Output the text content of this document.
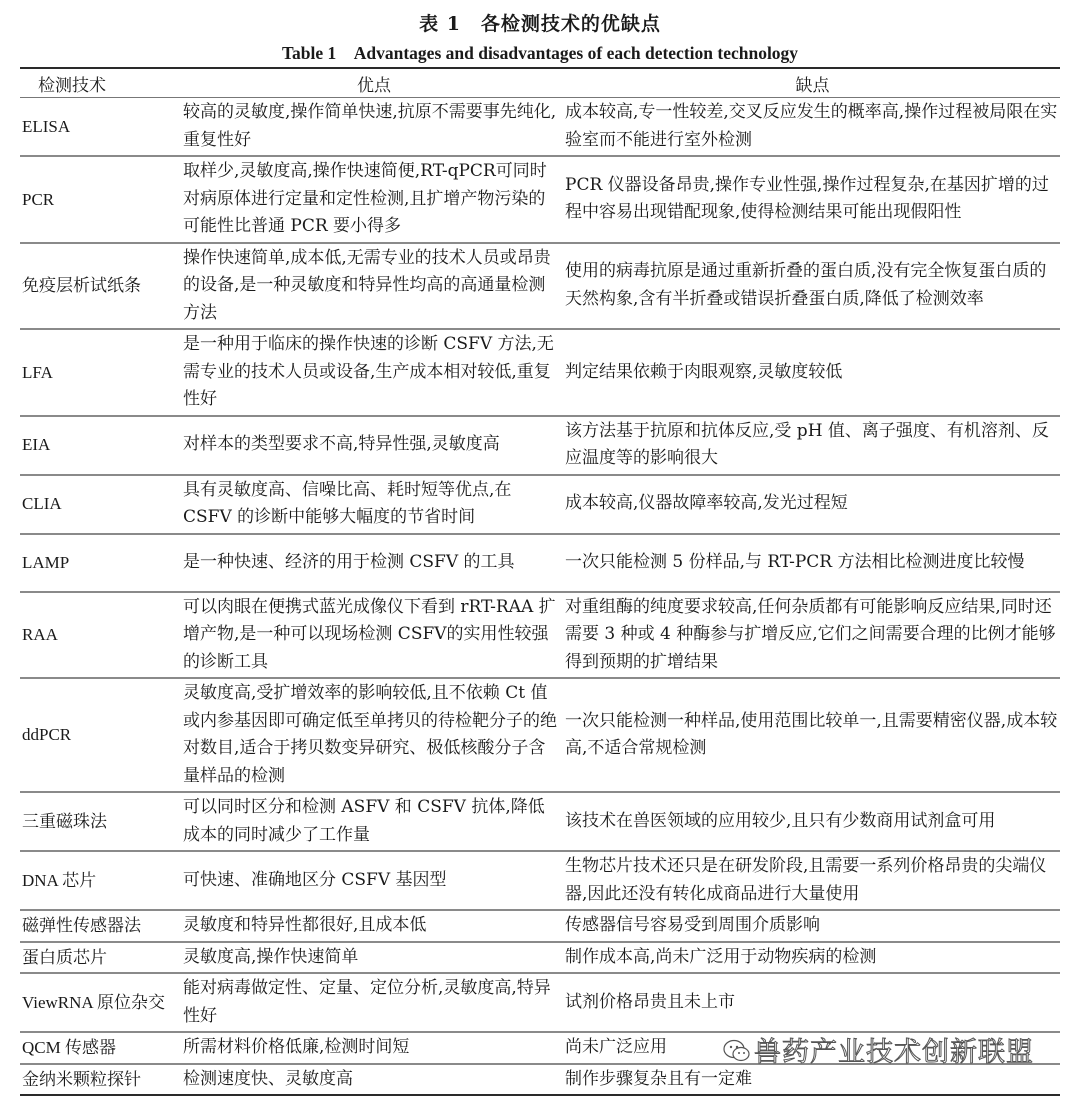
表 1　各检测技术的优缺点
Table 1　Advantages and disadvantages of each detection technology
检测技术	优点	缺点
ELISA	较高的灵敏度,操作简单快速,抗原不需要事先纯化,重复性好	成本较高,专一性较差,交叉反应发生的概率高,操作过程被局限在实验室而不能进行室外检测
PCR	取样少,灵敏度高,操作快速简便,RT-qPCR可同时对病原体进行定量和定性检测,且扩增产物污染的可能性比普通 PCR 要小得多	PCR 仪器设备昂贵,操作专业性强,操作过程复杂,在基因扩增的过程中容易出现错配现象,使得检测结果可能出现假阳性
免疫层析试纸条	操作快速简单,成本低,无需专业的技术人员或昂贵的设备,是一种灵敏度和特异性均高的高通量检测方法	使用的病毒抗原是通过重新折叠的蛋白质,没有完全恢复蛋白质的天然构象,含有半折叠或错误折叠蛋白质,降低了检测效率
LFA	是一种用于临床的操作快速的诊断 CSFV 方法,无需专业的技术人员或设备,生产成本相对较低,重复性好	判定结果依赖于肉眼观察,灵敏度较低
EIA	对样本的类型要求不高,特异性强,灵敏度高	该方法基于抗原和抗体反应,受 pH 值、离子强度、有机溶剂、反应温度等的影响很大
CLIA	具有灵敏度高、信噪比高、耗时短等优点,在CSFV 的诊断中能够大幅度的节省时间	成本较高,仪器故障率较高,发光过程短
LAMP	是一种快速、经济的用于检测 CSFV 的工具	一次只能检测 5 份样品,与 RT-PCR 方法相比检测进度比较慢
RAA	可以肉眼在便携式蓝光成像仪下看到 rRT-RAA 扩增产物,是一种可以现场检测 CSFV的实用性较强的诊断工具	对重组酶的纯度要求较高,任何杂质都有可能影响反应结果,同时还需要 3 种或 4 种酶参与扩增反应,它们之间需要合理的比例才能够得到预期的扩增结果
ddPCR	灵敏度高,受扩增效率的影响较低,且不依赖 Ct 值或内参基因即可确定低至单拷贝的待检靶分子的绝对数目,适合于拷贝数变异研究、极低核酸分子含量样品的检测	一次只能检测一种样品,使用范围比较单一,且需要精密仪器,成本较高,不适合常规检测
三重磁珠法	可以同时区分和检测 ASFV 和 CSFV 抗体,降低成本的同时减少了工作量	该技术在兽医领域的应用较少,且只有少数商用试剂盒可用
DNA 芯片	可快速、准确地区分 CSFV 基因型	生物芯片技术还只是在研发阶段,且需要一系列价格昂贵的尖端仪器,因此还没有转化成商品进行大量使用
磁弹性传感器法	灵敏度和特异性都很好,且成本低	传感器信号容易受到周围介质影响
蛋白质芯片	灵敏度高,操作快速简单	制作成本高,尚未广泛用于动物疾病的检测
ViewRNA 原位杂交	能对病毒做定性、定量、定位分析,灵敏度高,特异性好	试剂价格昂贵且未上市
QCM 传感器	所需材料价格低廉,检测时间短	尚未广泛应用
金纳米颗粒探针	检测速度快、灵敏度高	制作步骤复杂且有一定难
兽药产业技术创新联盟
